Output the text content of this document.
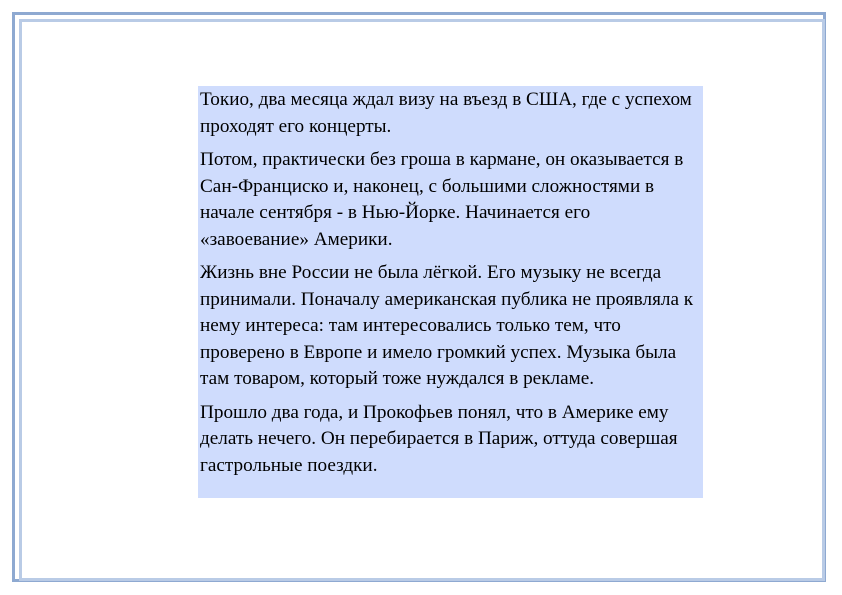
Токио, два месяца ждал визу на въезд в США, где с успехом проходят его концерты.

Потом, практически без гроша в кармане, он оказывается в Сан-Франциско и, наконец, с большими сложностями в начале сентября - в Нью-Йорке. Начинается его «завоевание» Америки.

Жизнь вне России не была лёгкой. Его музыку не всегда принимали. Поначалу американская публика не проявляла к нему интереса: там интересовались только тем, что проверено в Европе и имело громкий успех. Музыка была там товаром, который тоже нуждался в рекламе.

Прошло два года, и Прокофьев понял, что в Америке ему делать нечего. Он перебирается в Париж, оттуда совершая гастрольные поездки.
